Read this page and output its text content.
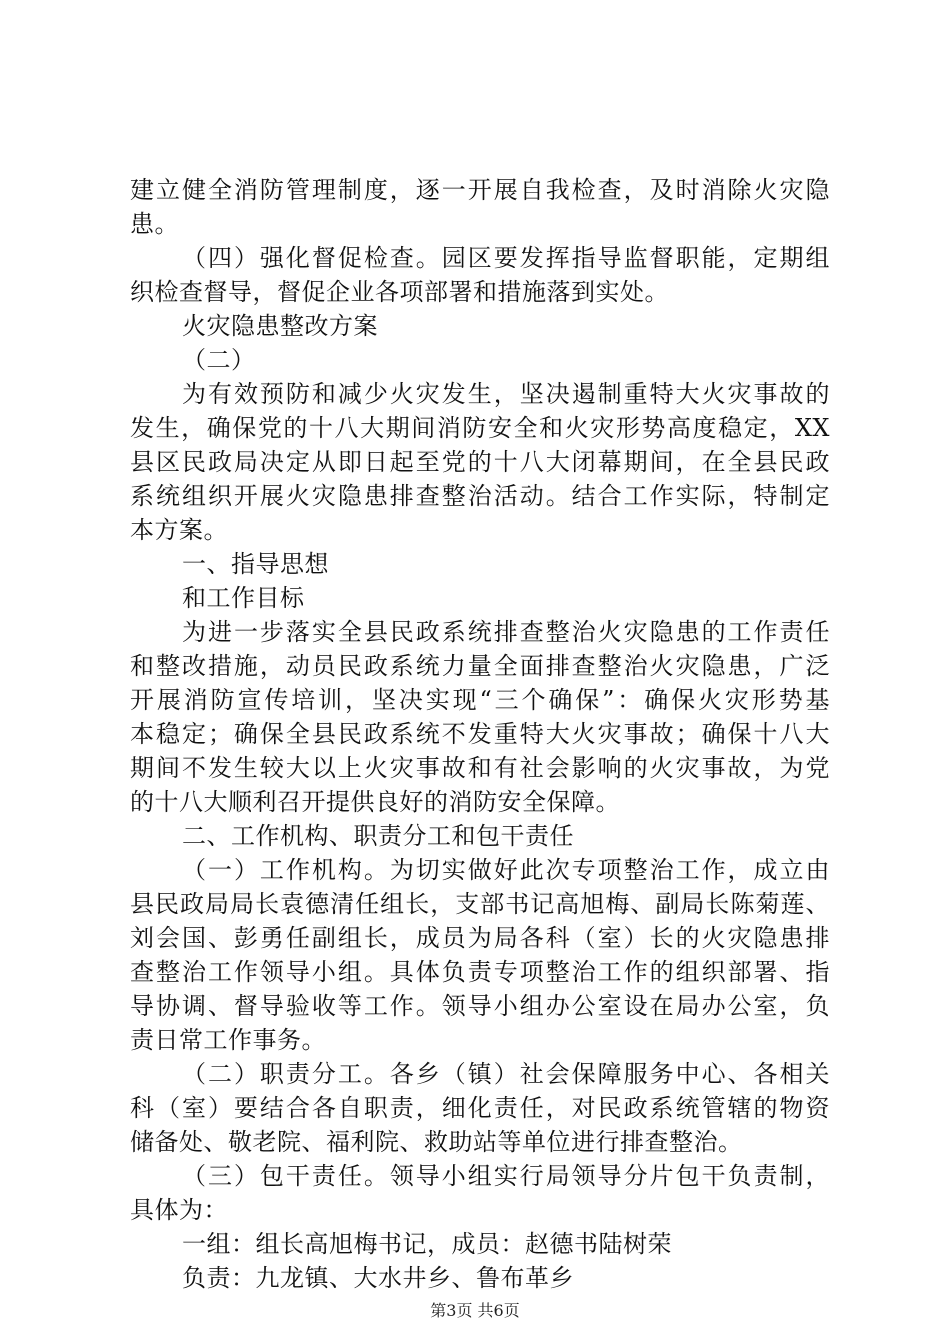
建立健全消防管理制度，逐一开展自我检查，及时消除火灾隐
患。
（四）强化督促检查。园区要发挥指导监督职能，定期组
织检查督导，督促企业各项部署和措施落到实处。
火灾隐患整改方案
（二）
为有效预防和减少火灾发生，坚决遏制重特大火灾事故的
发生，确保党的十八大期间消防安全和火灾形势高度稳定，XX
县区民政局决定从即日起至党的十八大闭幕期间，在全县民政
系统组织开展火灾隐患排查整治活动。结合工作实际，特制定
本方案。
一、指导思想
和工作目标
为进一步落实全县民政系统排查整治火灾隐患的工作责任
和整改措施，动员民政系统力量全面排查整治火灾隐患，广泛
开展消防宣传培训，坚决实现“三个确保”：确保火灾形势基
本稳定；确保全县民政系统不发重特大火灾事故；确保十八大
期间不发生较大以上火灾事故和有社会影响的火灾事故，为党
的十八大顺利召开提供良好的消防安全保障。
二、工作机构、职责分工和包干责任
（一）工作机构。为切实做好此次专项整治工作，成立由
县民政局局长袁德清任组长，支部书记高旭梅、副局长陈菊莲、
刘会国、彭勇任副组长，成员为局各科（室）长的火灾隐患排
查整治工作领导小组。具体负责专项整治工作的组织部署、指
导协调、督导验收等工作。领导小组办公室设在局办公室，负
责日常工作事务。
（二）职责分工。各乡（镇）社会保障服务中心、各相关
科（室）要结合各自职责，细化责任，对民政系统管辖的物资
储备处、敬老院、福利院、救助站等单位进行排查整治。
（三）包干责任。领导小组实行局领导分片包干负责制，
具体为：
一组：组长高旭梅书记，成员：赵德书陆树荣
负责：九龙镇、大水井乡、鲁布革乡
第3页 共6页
